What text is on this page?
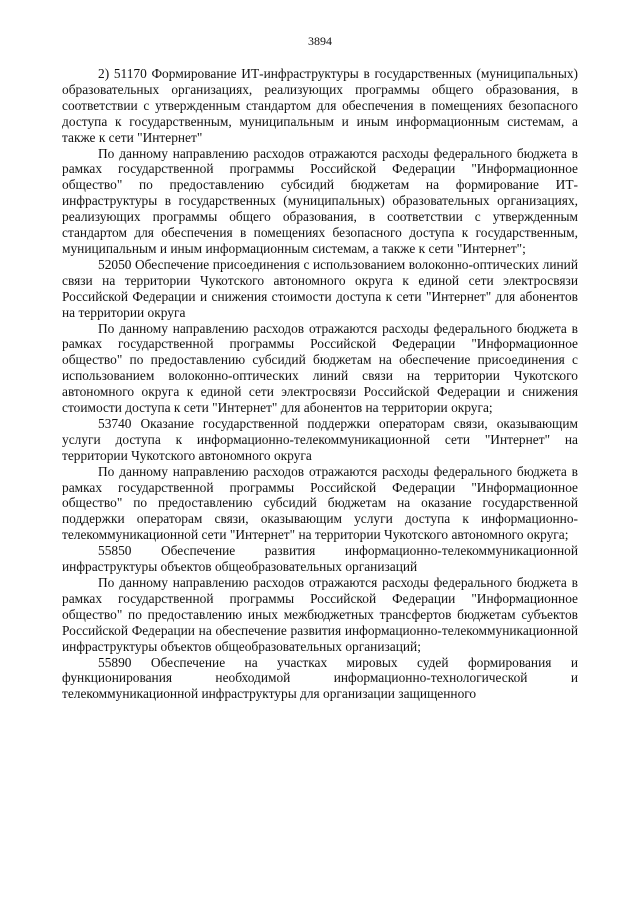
3894

2) 51170 Формирование ИТ-инфраструктуры в государственных (муниципальных) образовательных организациях, реализующих программы общего образования, в соответствии с утвержденным стандартом для обеспечения в помещениях безопасного доступа к государственным, муниципальным и иным информационным системам, а также к сети "Интернет"

По данному направлению расходов отражаются расходы федерального бюджета в рамках государственной программы Российской Федерации "Информационное общество" по предоставлению субсидий бюджетам на формирование ИТ-инфраструктуры в государственных (муниципальных) образовательных организациях, реализующих программы общего образования, в соответствии с утвержденным стандартом для обеспечения в помещениях безопасного доступа к государственным, муниципальным и иным информационным системам, а также к сети "Интернет";

52050 Обеспечение присоединения с использованием волоконно-оптических линий связи на территории Чукотского автономного округа к единой сети электросвязи Российской Федерации и снижения стоимости доступа к сети "Интернет" для абонентов на территории округа

По данному направлению расходов отражаются расходы федерального бюджета в рамках государственной программы Российской Федерации "Информационное общество" по предоставлению субсидий бюджетам на обеспечение присоединения с использованием волоконно-оптических линий связи на территории Чукотского автономного округа к единой сети электросвязи Российской Федерации и снижения стоимости доступа к сети "Интернет" для абонентов на территории округа;

53740 Оказание государственной поддержки операторам связи, оказывающим услуги доступа к информационно-телекоммуникационной сети "Интернет" на территории Чукотского автономного округа

По данному направлению расходов отражаются расходы федерального бюджета в рамках государственной программы Российской Федерации "Информационное общество" по предоставлению субсидий бюджетам на оказание государственной поддержки операторам связи, оказывающим услуги доступа к информационно-телекоммуникационной сети "Интернет" на территории Чукотского автономного округа;

55850 Обеспечение развития информационно-телекоммуникационной инфраструктуры объектов общеобразовательных организаций

По данному направлению расходов отражаются расходы федерального бюджета в рамках государственной программы Российской Федерации "Информационное общество" по предоставлению иных межбюджетных трансфертов бюджетам субъектов Российской Федерации на обеспечение развития информационно-телекоммуникационной инфраструктуры объектов общеобразовательных организаций;

55890 Обеспечение на участках мировых судей формирования и функционирования необходимой информационно-технологической и телекоммуникационной инфраструктуры для организации защищенного
